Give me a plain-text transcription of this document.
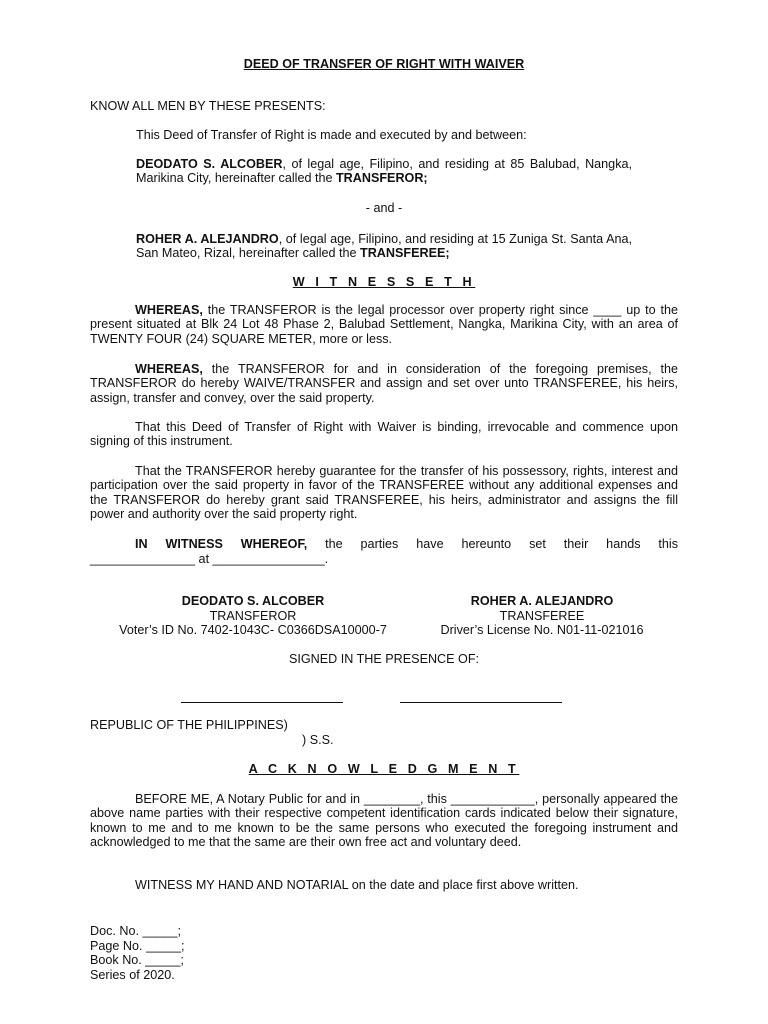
DEED OF TRANSFER OF RIGHT WITH WAIVER
KNOW ALL MEN BY THESE PRESENTS:
This Deed of Transfer of Right is made and executed by and between:
DEODATO S. ALCOBER, of legal age, Filipino, and residing at 85 Balubad, Nangka, Marikina City, hereinafter called the TRANSFEROR;
- and -
ROHER A. ALEJANDRO, of legal age, Filipino, and residing at 15 Zuniga St. Santa Ana, San Mateo, Rizal, hereinafter called the TRANSFEREE;
W I T N E S S E T H
WHEREAS, the TRANSFEROR is the legal processor over property right since ____ up to the present situated at Blk 24 Lot 48 Phase 2, Balubad Settlement, Nangka, Marikina City, with an area of TWENTY FOUR (24) SQUARE METER, more or less.
WHEREAS, the TRANSFEROR for and in consideration of the foregoing premises, the TRANSFEROR do hereby WAIVE/TRANSFER and assign and set over unto TRANSFEREE, his heirs, assign, transfer and convey, over the said property.
That this Deed of Transfer of Right with Waiver is binding, irrevocable and commence upon signing of this instrument.
That the TRANSFEROR hereby guarantee for the transfer of his possessory, rights, interest and participation over the said property in favor of the TRANSFEREE without any additional expenses and the TRANSFEROR do hereby grant said TRANSFEREE, his heirs, administrator and assigns the fill power and authority over the said property right.
IN WITNESS WHEREOF, the parties have hereunto set their hands this
_______________ at ________________.
DEODATO S. ALCOBER
TRANSFEROR
Voter’s ID No. 7402-1043C- C0366DSA10000-7
ROHER A. ALEJANDRO
TRANSFEREE
Driver’s License No. N01-11-021016
SIGNED IN THE PRESENCE OF:
REPUBLIC OF THE PHILIPPINES)
) S.S.
A C K N O W L E D G M E N T
BEFORE ME, A Notary Public for and in ________, this ____________, personally appeared the above name parties with their respective competent identification cards indicated below their signature, known to me and to me known to be the same persons who executed the foregoing instrument and acknowledged to me that the same are their own free act and voluntary deed.
WITNESS MY HAND AND NOTARIAL on the date and place first above written.
Doc. No. _____;
Page No. _____;
Book No. _____;
Series of 2020.
